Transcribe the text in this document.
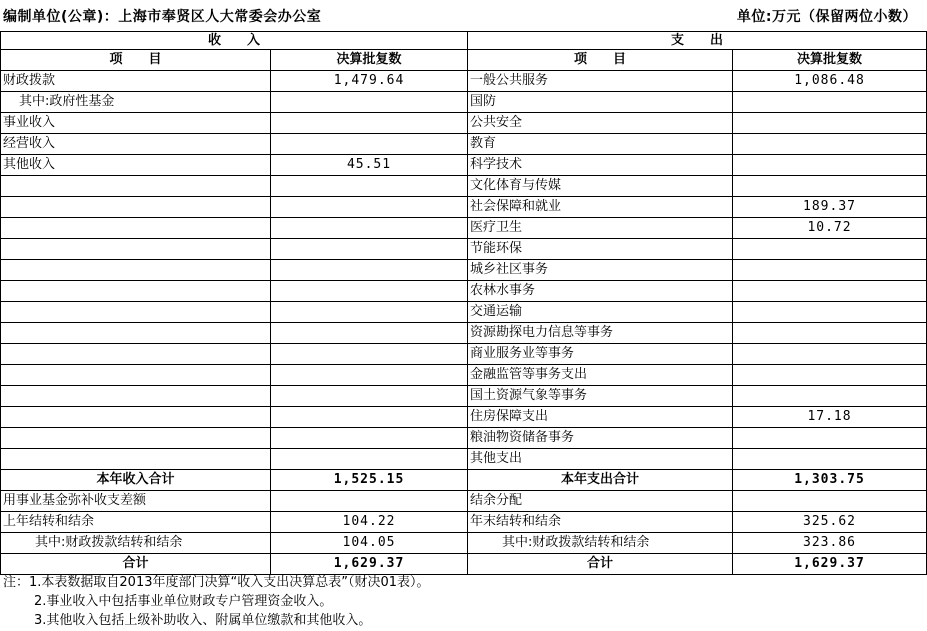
编制单位(公章)：上海市奉贤区人大常委会办公室	单位:万元（保留两位小数）
收　　入		支　　出	
项　　目	决算批复数	项　　目	决算批复数
财政拨款	1,479.64	一般公共服务	1,086.48
其中:政府性基金		国防	
事业收入		公共安全	
经营收入		教育	
其他收入	45.51	科学技术	
		文化体育与传媒	
		社会保障和就业	189.37
		医疗卫生	10.72
		节能环保	
		城乡社区事务	
		农林水事务	
		交通运输	
		资源勘探电力信息等事务	
		商业服务业等事务	
		金融监管等事务支出	
		国土资源气象等事务	
		住房保障支出	17.18
		粮油物资储备事务	
		其他支出	
本年收入合计	1,525.15	本年支出合计	1,303.75
用事业基金弥补收支差额		结余分配	
上年结转和结余	104.22	年末结转和结余	325.62
其中:财政拨款结转和结余	104.05	其中:财政拨款结转和结余	323.86
合计	1,629.37	合计	1,629.37
注：1.本表数据取自2013年度部门决算“收入支出决算总表”（财决01表）。
2.事业收入中包括事业单位财政专户管理资金收入。
3.其他收入包括上级补助收入、附属单位缴款和其他收入。
